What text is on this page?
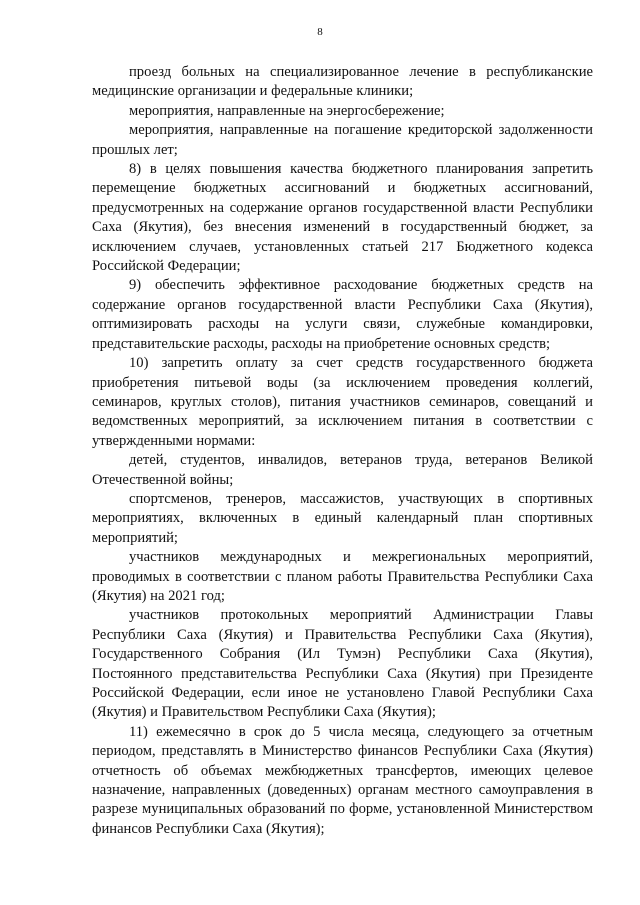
8

проезд больных на специализированное лечение в республиканские медицинские организации и федеральные клиники;

мероприятия, направленные на энергосбережение;

мероприятия, направленные на погашение кредиторской задолженности прошлых лет;

8) в целях повышения качества бюджетного планирования запретить перемещение бюджетных ассигнований и бюджетных ассигнований, предусмотренных на содержание органов государственной власти Республики Саха (Якутия), без внесения изменений в государственный бюджет, за исключением случаев, установленных статьей 217 Бюджетного кодекса Российской Федерации;

9) обеспечить эффективное расходование бюджетных средств на содержание органов государственной власти Республики Саха (Якутия), оптимизировать расходы на услуги связи, служебные командировки, представительские расходы, расходы на приобретение основных средств;

10) запретить оплату за счет средств государственного бюджета приобретения питьевой воды (за исключением проведения коллегий, семинаров, круглых столов), питания участников семинаров, совещаний и ведомственных мероприятий, за исключением питания в соответствии с утвержденными нормами:

детей, студентов, инвалидов, ветеранов труда, ветеранов Великой Отечественной войны;

спортсменов, тренеров, массажистов, участвующих в спортивных мероприятиях, включенных в единый календарный план спортивных мероприятий;

участников международных и межрегиональных мероприятий, проводимых в соответствии с планом работы Правительства Республики Саха (Якутия) на 2021 год;

участников протокольных мероприятий Администрации Главы Республики Саха (Якутия) и Правительства Республики Саха (Якутия), Государственного Собрания (Ил Тумэн) Республики Саха (Якутия), Постоянного представительства Республики Саха (Якутия) при Президенте Российской Федерации, если иное не установлено Главой Республики Саха (Якутия) и Правительством Республики Саха (Якутия);

11) ежемесячно в срок до 5 числа месяца, следующего за отчетным периодом, представлять в Министерство финансов Республики Саха (Якутия) отчетность об объемах межбюджетных трансфертов, имеющих целевое назначение, направленных (доведенных) органам местного самоуправления в разрезе муниципальных образований по форме, установленной Министерством финансов Республики Саха (Якутия);
